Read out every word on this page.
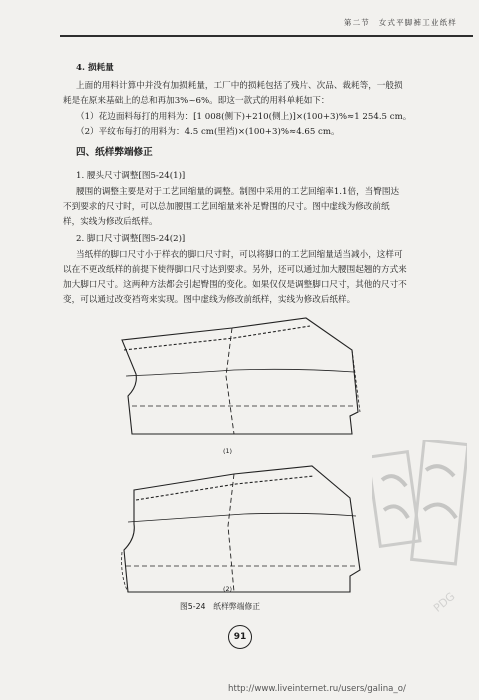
第二节　女式平脚裤工业纸样
4. 损耗量
上面的用料计算中并没有加损耗量，工厂中的损耗包括了残片、次品、裁耗等，一般损
耗是在原来基础上的总和再加3%~6%。即这一款式的用料单耗如下：
（1）花边面料每打的用料为：[1 008(侧下)+210(侧上)]×(100+3)%≈1 254.5 cm。
（2）平纹布每打的用料为：4.5 cm(里裆)×(100+3)%≈4.65 cm。
四、纸样弊端修正
1. 腰头尺寸调整[图5-24(1)]
腰围的调整主要是对于工艺回缩量的调整。制图中采用的工艺回缩率1.1倍，当臀围达
不到要求的尺寸时，可以总加腰围工艺回缩量来补足臀围的尺寸。图中虚线为修改前纸
样，实线为修改后纸样。
2. 脚口尺寸调整[图5-24(2)]
当纸样的脚口尺寸小于样衣的脚口尺寸时，可以将脚口的工艺回缩量适当减小，这样可
以在不更改纸样的前提下使得脚口尺寸达到要求。另外，还可以通过加大腰围起翘的方式来
加大脚口尺寸。这两种方法都会引起臀围的变化。如果仅仅是调整脚口尺寸，其他的尺寸不
变，可以通过改变裆弯来实现。图中虚线为修改前纸样，实线为修改后纸样。
(1)
(2)
图5-24　纸样弊端修正	PDG
91
http://www.liveinternet.ru/users/galina_o/
